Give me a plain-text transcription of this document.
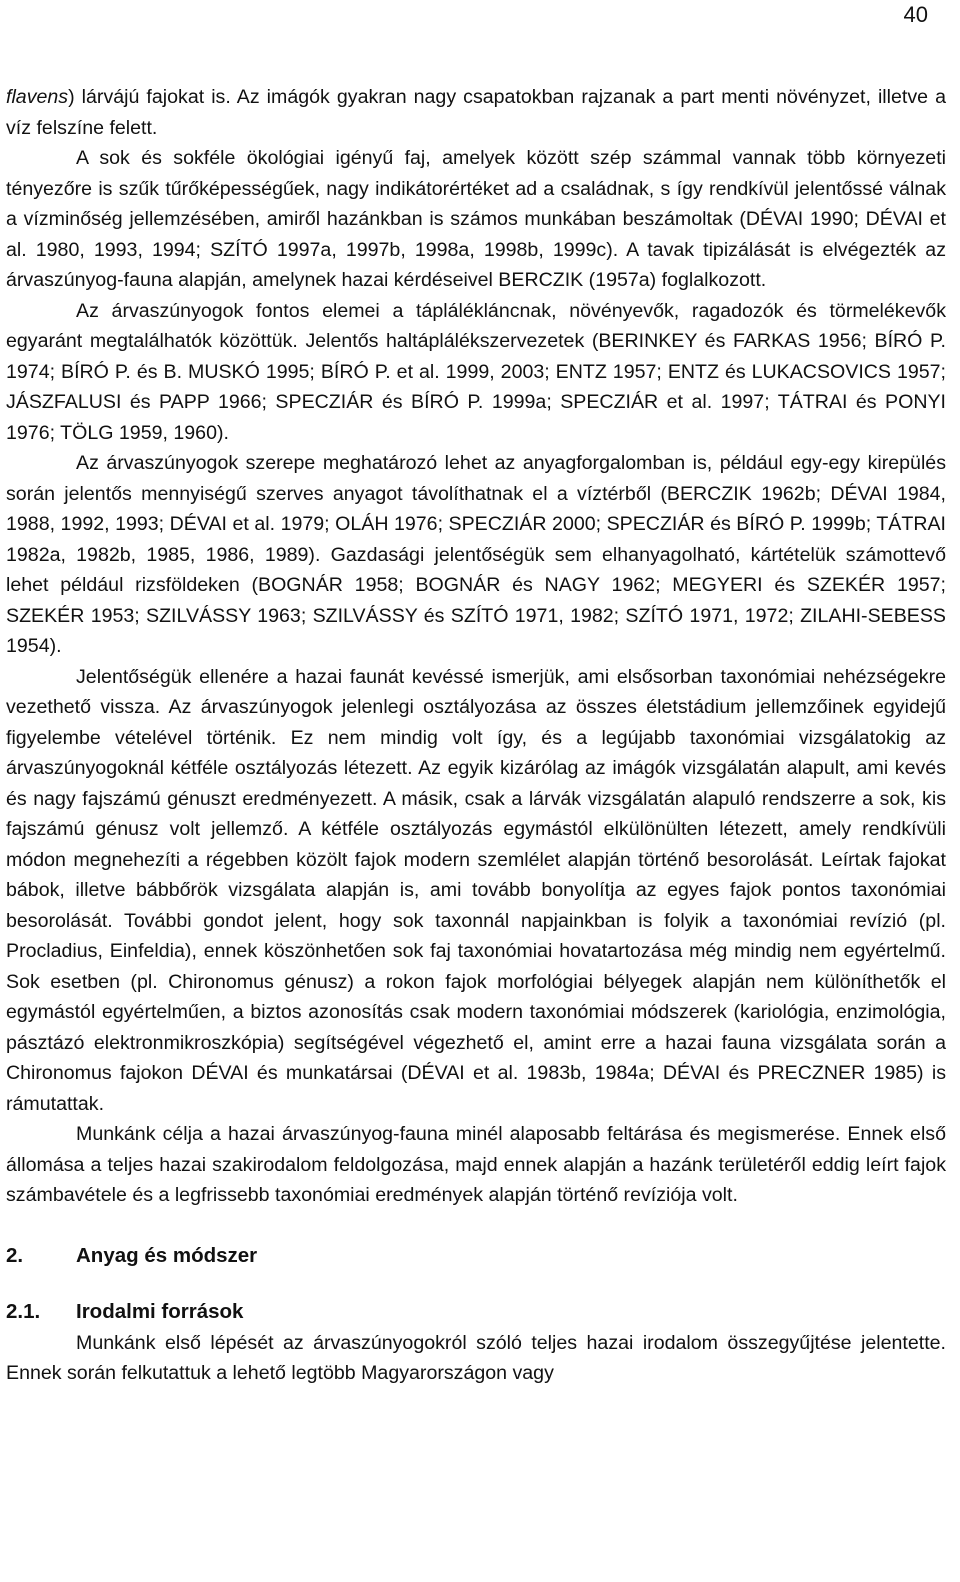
40

flavens) lárvájú fajokat is. Az imágók gyakran nagy csapatokban rajzanak a part menti növényzet, illetve a víz felszíne felett.

A sok és sokféle ökológiai igényű faj, amelyek között szép számmal vannak több környezeti tényezőre is szűk tűrőképességűek, nagy indikátorértéket ad a családnak, s így rendkívül jelentőssé válnak a vízminőség jellemzésében, amiről hazánkban is számos munkában beszámoltak (DÉVAI 1990; DÉVAI et al. 1980, 1993, 1994; SZÍTÓ 1997a, 1997b, 1998a, 1998b, 1999c). A tavak tipizálását is elvégezték az árvaszúnyog-fauna alapján, amelynek hazai kérdéseivel BERCZIK (1957a) foglalkozott.

Az árvaszúnyogok fontos elemei a táplálékláncnak, növényevők, ragadozók és törmelékevők egyaránt megtalálhatók közöttük. Jelentős haltáplálékszervezetek (BERINKEY és FARKAS 1956; BÍRÓ P. 1974; BÍRÓ P. és B. MUSKÓ 1995; BÍRÓ P. et al. 1999, 2003; ENTZ 1957; ENTZ és LUKACSOVICS 1957; JÁSZFALUSI és PAPP 1966; SPECZIÁR és BÍRÓ P. 1999a; SPECZIÁR et al. 1997; TÁTRAI és PONYI 1976; TÖLG 1959, 1960).

Az árvaszúnyogok szerepe meghatározó lehet az anyagforgalomban is, például egy-egy kirepülés során jelentős mennyiségű szerves anyagot távolíthatnak el a víztérből (BERCZIK 1962b; DÉVAI 1984, 1988, 1992, 1993; DÉVAI et al. 1979; OLÁH 1976; SPECZIÁR 2000; SPECZIÁR és BÍRÓ P. 1999b; TÁTRAI 1982a, 1982b, 1985, 1986, 1989). Gazdasági jelentőségük sem elhanyagolható, kártételük számottevő lehet például rizsföldeken (BOGNÁR 1958; BOGNÁR és NAGY 1962; MEGYERI és SZEKÉR 1957; SZEKÉR 1953; SZILVÁSSY 1963; SZILVÁSSY és SZÍTÓ 1971, 1982; SZÍTÓ 1971, 1972; ZILAHI-SEBESS 1954).

Jelentőségük ellenére a hazai faunát kevéssé ismerjük, ami elsősorban taxonómiai nehézségekre vezethető vissza. Az árvaszúnyogok jelenlegi osztályozása az összes életstádium jellemzőinek egyidejű figyelembe vételével történik. Ez nem mindig volt így, és a legújabb taxonómiai vizsgálatokig az árvaszúnyogoknál kétféle osztályozás létezett. Az egyik kizárólag az imágók vizsgálatán alapult, ami kevés és nagy fajszámú génuszt eredményezett. A másik, csak a lárvák vizsgálatán alapuló rendszerre a sok, kis fajszámú génusz volt jellemző. A kétféle osztályozás egymástól elkülönülten létezett, amely rendkívüli módon megnehezíti a régebben közölt fajok modern szemlélet alapján történő besorolását. Leírtak fajokat bábok, illetve bábbőrök vizsgálata alapján is, ami tovább bonyolítja az egyes fajok pontos taxonómiai besorolását. További gondot jelent, hogy sok taxonnál napjainkban is folyik a taxonómiai revízió (pl. Procladius, Einfeldia), ennek köszönhetően sok faj taxonómiai hovatartozása még mindig nem egyértelmű. Sok esetben (pl. Chironomus génusz) a rokon fajok morfológiai bélyegek alapján nem különíthetők el egymástól egyértelműen, a biztos azonosítás csak modern taxonómiai módszerek (kariológia, enzimológia, pásztázó elektronmikroszkópia) segítségével végezhető el, amint erre a hazai fauna vizsgálata során a Chironomus fajokon DÉVAI és munkatársai (DÉVAI et al. 1983b, 1984a; DÉVAI és PRECZNER 1985) is rámutattak.

Munkánk célja a hazai árvaszúnyog-fauna minél alaposabb feltárása és megismerése. Ennek első állomása a teljes hazai szakirodalom feldolgozása, majd ennek alapján a hazánk területéről eddig leírt fajok számbavétele és a legfrissebb taxonómiai eredmények alapján történő revíziója volt.

2.	Anyag és módszer
2.1.	Irodalmi források

Munkánk első lépését az árvaszúnyogokról szóló teljes hazai irodalom összegyűjtése jelentette. Ennek során felkutattuk a lehető legtöbb Magyarországon vagy
